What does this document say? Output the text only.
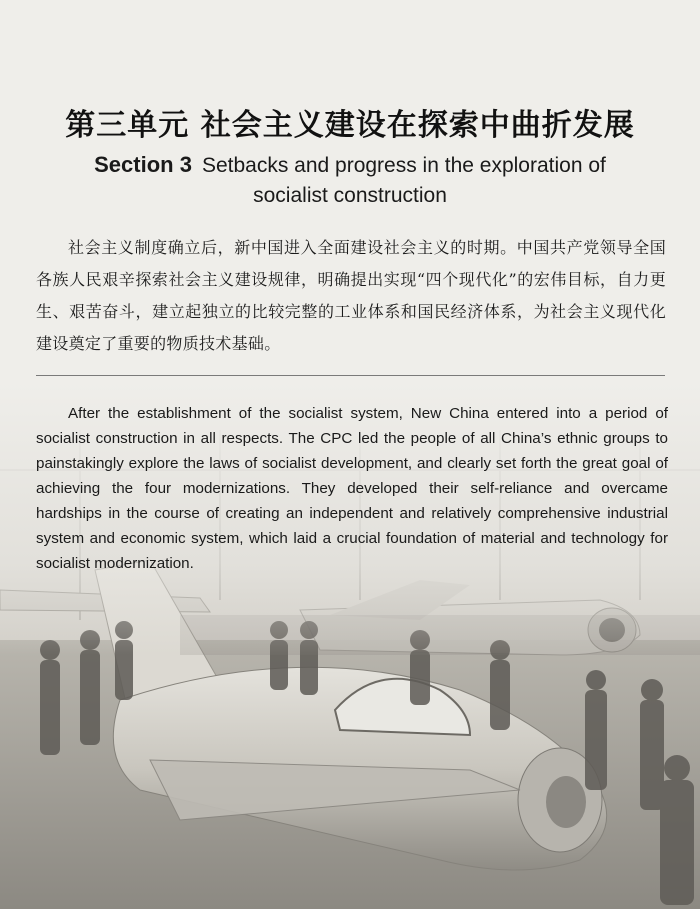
第三单元 社会主义建设在探索中曲折发展
Section 3 Setbacks and progress in the exploration of
socialist construction
社会主义制度确立后，新中国进入全面建设社会主义的时期。中国共产党领导全国各族人民艰辛探索社会主义建设规律，明确提出实现“四个现代化”的宏伟目标，自力更生、艰苦奋斗，建立起独立的比较完整的工业体系和国民经济体系，为社会主义现代化建设奠定了重要的物质技术基础。
After the establishment of the socialist system, New China entered into a period of socialist construction in all respects. The CPC led the people of all China’s ethnic groups to painstakingly explore the laws of socialist development, and clearly set forth the great goal of achieving the four modernizations. They developed their self-reliance and overcame hardships in the course of creating an independent and relatively comprehensive industrial system and economic system, which laid a crucial foundation of material and technology for socialist modernization.
